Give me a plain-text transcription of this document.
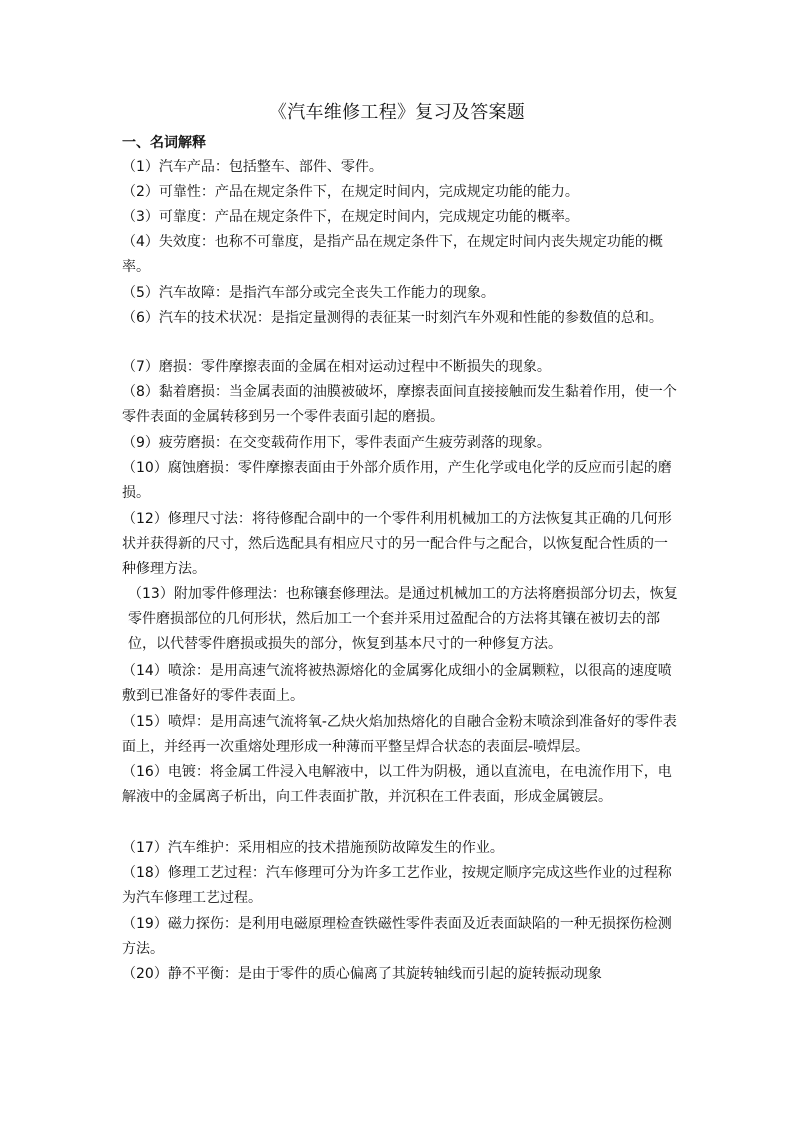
《汽车维修工程》复习及答案题
一、名词解释

（1）汽车产品：包括整车、部件、零件。

（2）可靠性：产品在规定条件下，在规定时间内，完成规定功能的能力。

（3）可靠度：产品在规定条件下，在规定时间内，完成规定功能的概率。

（4）失效度：也称不可靠度，是指产品在规定条件下，在规定时间内丧失规定功能的概率。

（5）汽车故障：是指汽车部分或完全丧失工作能力的现象。

（6）汽车的技术状况：是指定量测得的表征某一时刻汽车外观和性能的参数值的总和。

（7）磨损：零件摩擦表面的金属在相对运动过程中不断损失的现象。

（8）黏着磨损：当金属表面的油膜被破坏，摩擦表面间直接接触而发生黏着作用，使一个零件表面的金属转移到另一个零件表面引起的磨损。

（9）疲劳磨损：在交变载荷作用下，零件表面产生疲劳剥落的现象。

（10）腐蚀磨损：零件摩擦表面由于外部介质作用，产生化学或电化学的反应而引起的磨损。

（12）修理尺寸法：将待修配合副中的一个零件利用机械加工的方法恢复其正确的几何形状并获得新的尺寸，然后选配具有相应尺寸的另一配合件与之配合，以恢复配合性质的一种修理方法。

（13）附加零件修理法：也称镶套修理法。是通过机械加工的方法将磨损部分切去，恢复零件磨损部位的几何形状，然后加工一个套并采用过盈配合的方法将其镶在被切去的部位，以代替零件磨损或损失的部分，恢复到基本尺寸的一种修复方法。

（14）喷涂：是用高速气流将被热源熔化的金属雾化成细小的金属颗粒，以很高的速度喷敷到已准备好的零件表面上。

（15）喷焊：是用高速气流将氧-乙炔火焰加热熔化的自融合金粉末喷涂到准备好的零件表面上，并经再一次重熔处理形成一种薄而平整呈焊合状态的表面层-喷焊层。

（16）电镀：将金属工件浸入电解液中，以工件为阴极，通以直流电，在电流作用下，电解液中的金属离子析出，向工件表面扩散，并沉积在工件表面，形成金属镀层。

（17）汽车维护：采用相应的技术措施预防故障发生的作业。

（18）修理工艺过程：汽车修理可分为许多工艺作业，按规定顺序完成这些作业的过程称为汽车修理工艺过程。

（19）磁力探伤：是利用电磁原理检查铁磁性零件表面及近表面缺陷的一种无损探伤检测方法。

（20）静不平衡：是由于零件的质心偏离了其旋转轴线而引起的旋转振动现象
